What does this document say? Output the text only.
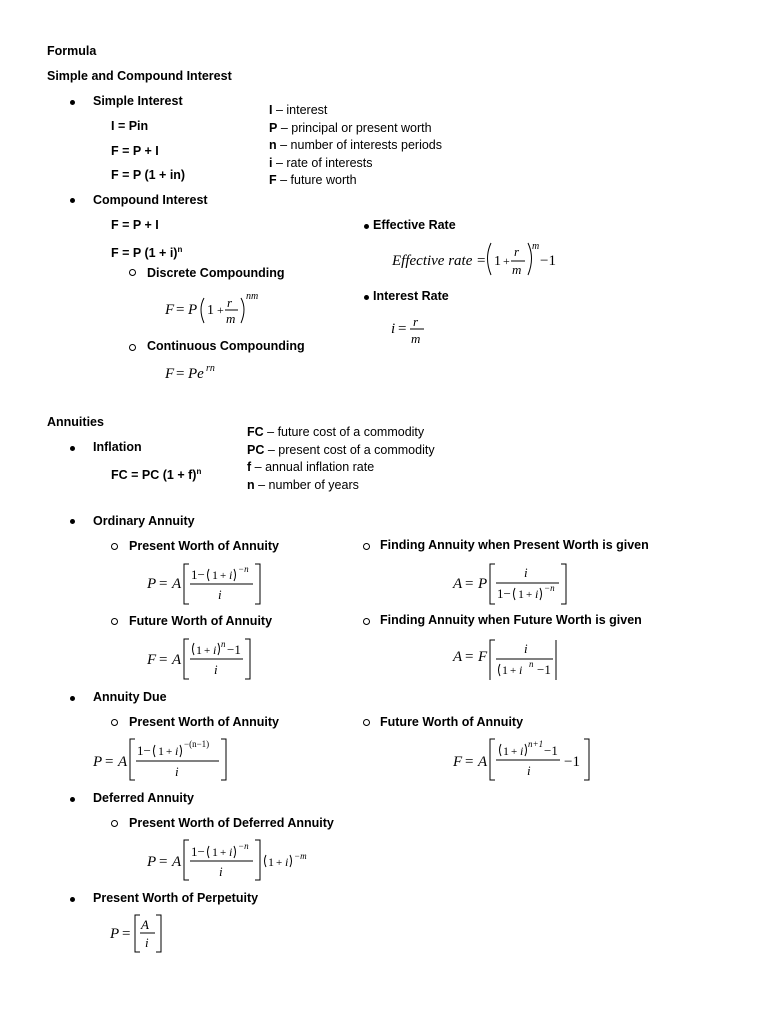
Formula
Simple and Compound Interest
Simple Interest
I = Pin
F = P + I
F = P (1 + in)
I – interest
P – principal or present worth
n – number of interests periods
i – rate of interests
F – future worth
Compound Interest
F = P + I
F = P $(1 + i)^n$
Discrete Compounding
F = P 1 + r
m
nm
Continuous Compounding
F = Pe rn
Effective Rate
Effective rate = 1 +
r
m
m
−1
Interest Rate
i = r
m
Annuities
Inflation
FC = PC $(1 + f)^n$
FC – future cost of a commodity
PC – present cost of a commodity
f – annual inflation rate
n – number of years
Ordinary Annuity
Present Worth of Annuity
P = A
1− 1 + i −n
i
Future Worth of Annuity
F = A
1 + i n −1
i
Finding Annuity when Present Worth is given
A = P
i
1− 1 + i −n
Finding Annuity when Future Worth is given
A = F
i
1 + i n −1
Annuity Due
Present Worth of Annuity
P = A
1− 1 + i −(n−1)
i
Future Worth of Annuity
F = A
1 + i n+1 −1
i
−1
Deferred Annuity
Present Worth of Deferred Annuity
P = A
1− 1 + i −n
i
1 + i −m
Present Worth of Perpetuity
P =
A
i
